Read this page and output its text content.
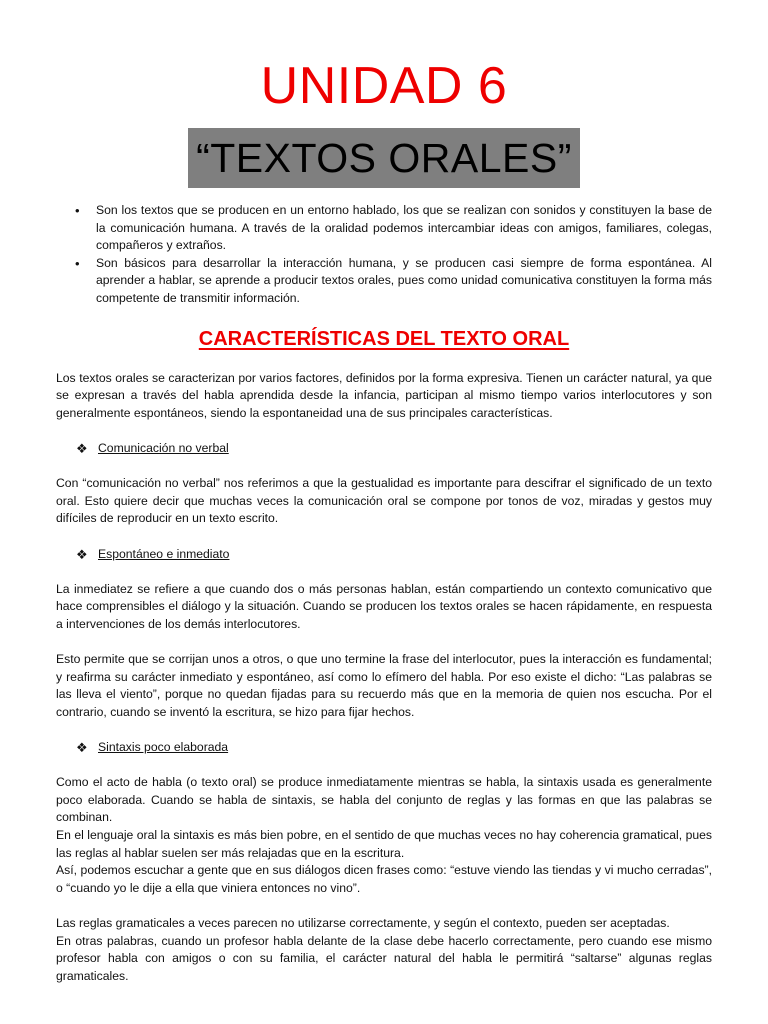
UNIDAD 6
“TEXTOS ORALES”
• Son los textos que se producen en un entorno hablado, los que se realizan con sonidos y constituyen la base de la comunicación humana. A través de la oralidad podemos intercambiar ideas con amigos, familiares, colegas, compañeros y extraños.
• Son básicos para desarrollar la interacción humana, y se producen casi siempre de forma espontánea. Al aprender a hablar, se aprende a producir textos orales, pues como unidad comunicativa constituyen la forma más competente de transmitir información.
CARACTERÍSTICAS DEL TEXTO ORAL

Los textos orales se caracterizan por varios factores, definidos por la forma expresiva. Tienen un carácter natural, ya que se expresan a través del habla aprendida desde la infancia, participan al mismo tiempo varios interlocutores y son generalmente espontáneos, siendo la espontaneidad una de sus principales características.

❖ Comunicación no verbal

Con “comunicación no verbal” nos referimos a que la gestualidad es importante para descifrar el significado de un texto oral. Esto quiere decir que muchas veces la comunicación oral se compone por tonos de voz, miradas y gestos muy difíciles de reproducir en un texto escrito.

❖ Espontáneo e inmediato

La inmediatez se refiere a que cuando dos o más personas hablan, están compartiendo un contexto comunicativo que hace comprensibles el diálogo y la situación. Cuando se producen los textos orales se hacen rápidamente, en respuesta a intervenciones de los demás interlocutores.

Esto permite que se corrijan unos a otros, o que uno termine la frase del interlocutor, pues la interacción es fundamental; y reafirma su carácter inmediato y espontáneo, así como lo efímero del habla. Por eso existe el dicho: “Las palabras se las lleva el viento”, porque no quedan fijadas para su recuerdo más que en la memoria de quien nos escucha. Por el contrario, cuando se inventó la escritura, se hizo para fijar hechos.

❖ Sintaxis poco elaborada

Como el acto de habla (o texto oral) se produce inmediatamente mientras se habla, la sintaxis usada es generalmente poco elaborada. Cuando se habla de sintaxis, se habla del conjunto de reglas y las formas en que las palabras se combinan.

En el lenguaje oral la sintaxis es más bien pobre, en el sentido de que muchas veces no hay coherencia gramatical, pues las reglas al hablar suelen ser más relajadas que en la escritura.

Así, podemos escuchar a gente que en sus diálogos dicen frases como: “estuve viendo las tiendas y vi mucho cerradas”, o “cuando yo le dije a ella que viniera entonces no vino”.

Las reglas gramaticales a veces parecen no utilizarse correctamente, y según el contexto, pueden ser aceptadas.

En otras palabras, cuando un profesor habla delante de la clase debe hacerlo correctamente, pero cuando ese mismo profesor habla con amigos o con su familia, el carácter natural del habla le permitirá “saltarse” algunas reglas gramaticales.
